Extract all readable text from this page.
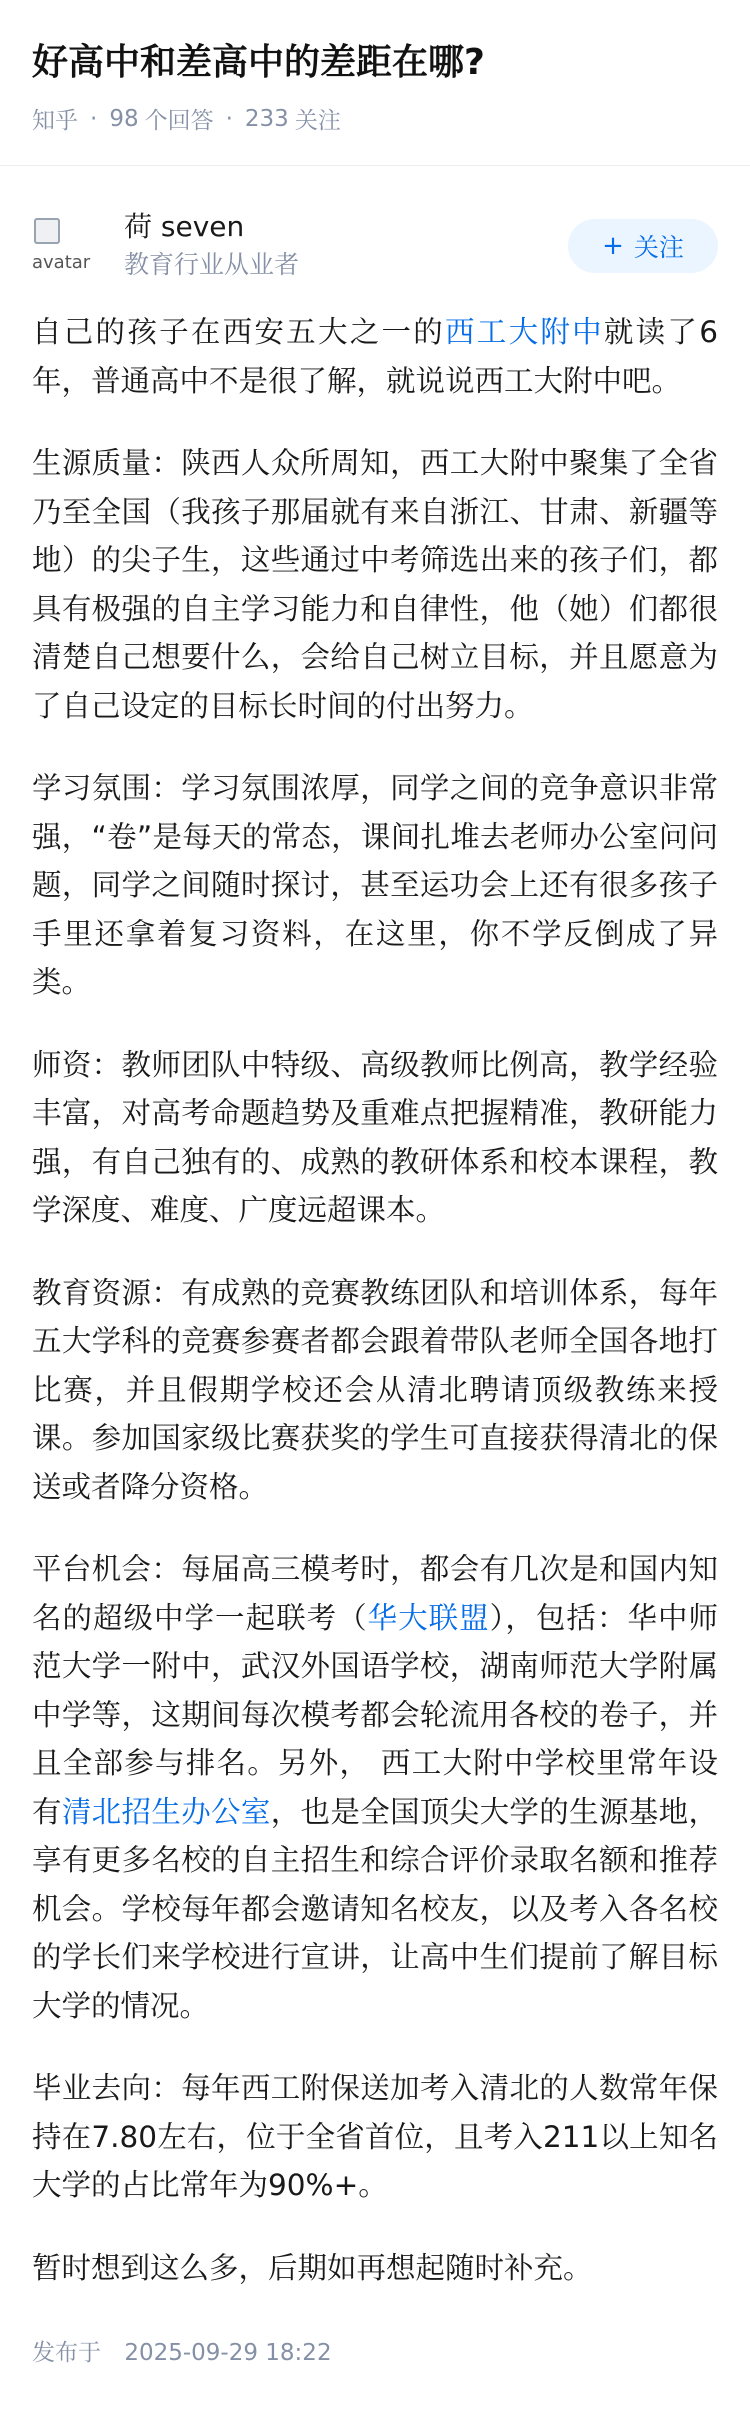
好高中和差高中的差距在哪?
知乎 · 98 个回答 · 233 关注
avatar
荷 seven
教育行业从业者
+ 关注

自己的孩子在西安五大之一的西工大附中就读了6年，普通高中不是很了解，就说说西工大附中吧。

生源质量：陕西人众所周知，西工大附中聚集了全省乃至全国（我孩子那届就有来自浙江、甘肃、新疆等地）的尖子生，这些通过中考筛选出来的孩子们，都具有极强的自主学习能力和自律性，他（她）们都很清楚自己想要什么，会给自己树立目标，并且愿意为了自己设定的目标长时间的付出努力。

学习氛围：学习氛围浓厚，同学之间的竞争意识非常强，“卷”是每天的常态，课间扎堆去老师办公室问问题，同学之间随时探讨，甚至运功会上还有很多孩子手里还拿着复习资料，在这里，你不学反倒成了异类。

师资：教师团队中特级、高级教师比例高，教学经验丰富，对高考命题趋势及重难点把握精准，教研能力强，有自己独有的、成熟的教研体系和校本课程，教学深度、难度、广度远超课本。

教育资源：有成熟的竞赛教练团队和培训体系，每年五大学科的竞赛参赛者都会跟着带队老师全国各地打比赛，并且假期学校还会从清北聘请顶级教练来授课。参加国家级比赛获奖的学生可直接获得清北的保送或者降分资格。

平台机会：每届高三模考时，都会有几次是和国内知名的超级中学一起联考（华大联盟），包括：华中师范大学一附中，武汉外国语学校，湖南师范大学附属中学等，这期间每次模考都会轮流用各校的卷子，并且全部参与排名。另外， 西工大附中学校里常年设有清北招生办公室，也是全国顶尖大学的生源基地，享有更多名校的自主招生和综合评价录取名额和推荐机会。学校每年都会邀请知名校友，以及考入各名校的学长们来学校进行宣讲，让高中生们提前了解目标大学的情况。

毕业去向：每年西工附保送加考入清北的人数常年保持在7.80左右，位于全省首位，且考入211以上知名大学的占比常年为90%+。

暂时想到这么多，后期如再想起随时补充。

发布于 2025-09-29 18:22
